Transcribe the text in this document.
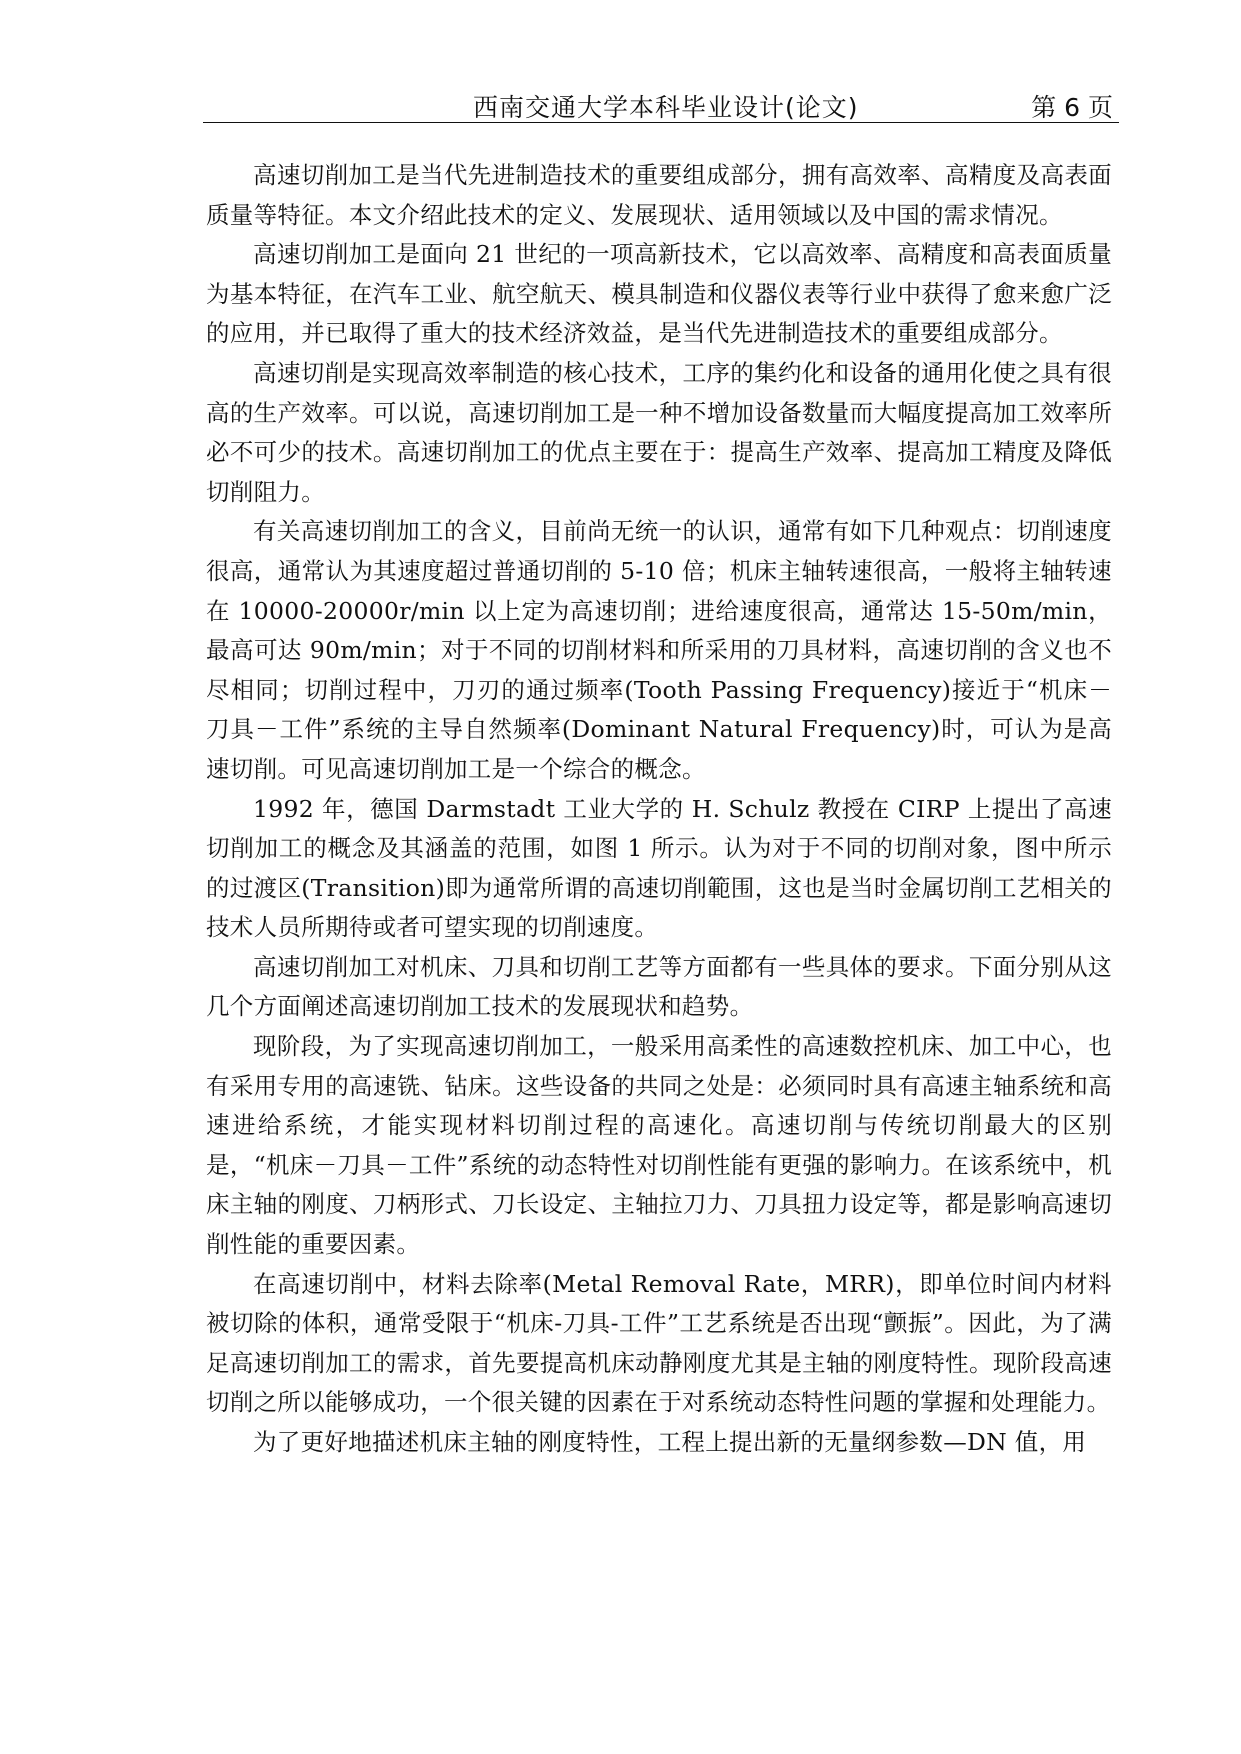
西南交通大学本科毕业设计(论文)	第 6 页

高速切削加工是当代先进制造技术的重要组成部分，拥有高效率、高精度及高表面质量等特征。本文介绍此技术的定义、发展现状、适用领域以及中国的需求情况。

高速切削加工是面向 21 世纪的一项高新技术，它以高效率、高精度和高表面质量为基本特征，在汽车工业、航空航天、模具制造和仪器仪表等行业中获得了愈来愈广泛的应用，并已取得了重大的技术经济效益，是当代先进制造技术的重要组成部分。

高速切削是实现高效率制造的核心技术，工序的集约化和设备的通用化使之具有很高的生产效率。可以说，高速切削加工是一种不增加设备数量而大幅度提高加工效率所必不可少的技术。高速切削加工的优点主要在于：提高生产效率、提高加工精度及降低切削阻力。

有关高速切削加工的含义，目前尚无统一的认识，通常有如下几种观点：切削速度很高，通常认为其速度超过普通切削的 5-10 倍；机床主轴转速很高，一般将主轴转速在 10000-20000r/min 以上定为高速切削；进给速度很高，通常达 15-50m/min，最高可达 90m/min；对于不同的切削材料和所采用的刀具材料，高速切削的含义也不尽相同；切削过程中，刀刃的通过频率(Tooth Passing Frequency)接近于“机床－刀具－工件”系统的主导自然频率(Dominant Natural Frequency)时，可认为是高速切削。可见高速切削加工是一个综合的概念。

1992 年，德国 Darmstadt 工业大学的 H. Schulz 教授在 CIRP 上提出了高速切削加工的概念及其涵盖的范围，如图 1 所示。认为对于不同的切削对象，图中所示的过渡区(Transition)即为通常所谓的高速切削範围，这也是当时金属切削工艺相关的技术人员所期待或者可望实现的切削速度。

高速切削加工对机床、刀具和切削工艺等方面都有一些具体的要求。下面分别从这几个方面阐述高速切削加工技术的发展现状和趋势。

现阶段，为了实现高速切削加工，一般采用高柔性的高速数控机床、加工中心，也有采用专用的高速铣、钻床。这些设备的共同之处是：必须同时具有高速主轴系统和高速进给系统，才能实现材料切削过程的高速化。高速切削与传统切削最大的区别是，“机床－刀具－工件”系统的动态特性对切削性能有更强的影响力。在该系统中，机床主轴的刚度、刀柄形式、刀长设定、主轴拉刀力、刀具扭力设定等，都是影响高速切削性能的重要因素。

在高速切削中，材料去除率(Metal Removal Rate，MRR)，即单位时间内材料被切除的体积，通常受限于“机床-刀具-工件”工艺系统是否出现“颤振”。因此，为了满足高速切削加工的需求，首先要提高机床动静刚度尤其是主轴的刚度特性。现阶段高速切削之所以能够成功，一个很关键的因素在于对系统动态特性问题的掌握和处理能力。

为了更好地描述机床主轴的刚度特性，工程上提出新的无量纲参数—DN 值，用
